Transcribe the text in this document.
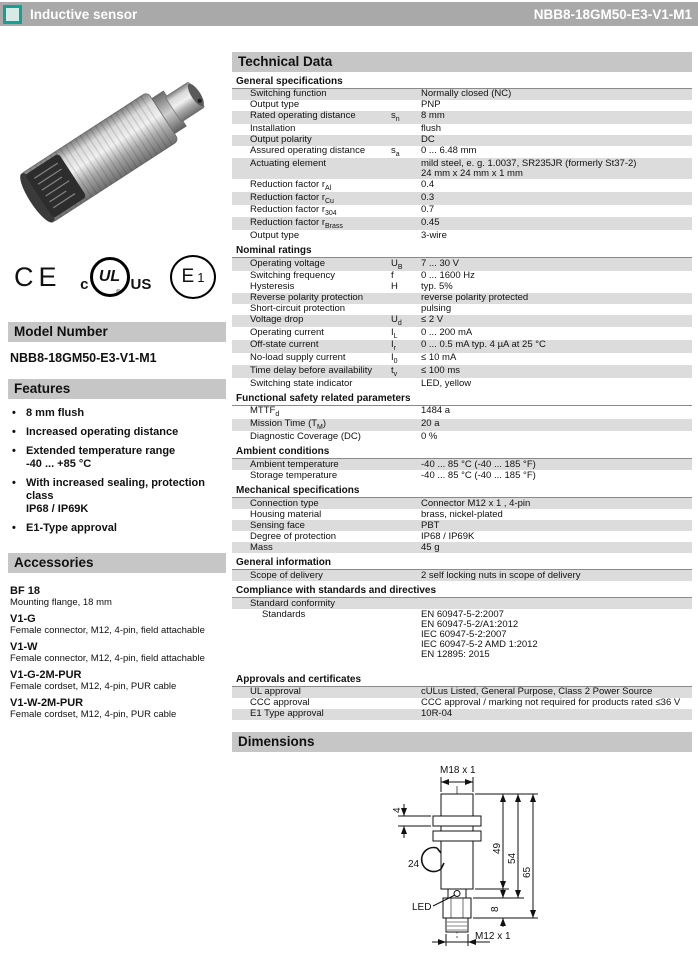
Inductive sensor	NBB8-18GM50-E3-V1-M1
CE c UL
® US E 1
Model Number
NBB8-18GM50-E3-V1-M1
Features
• 8 mm flush
• Increased operating distance
• Extended temperature range
-40 ... +85 °C
• With increased sealing, protection
class
IP68 / IP69K
• E1-Type approval
Accessories
BF 18
Mounting flange, 18 mm
V1-G
Female connector, M12, 4-pin, field attachable
V1-W
Female connector, M12, 4-pin, field attachable
V1-G-2M-PUR
Female cordset, M12, 4-pin, PUR cable
V1-W-2M-PUR
Female cordset, M12, 4-pin, PUR cable
Technical Data
General specifications
Switching function	Normally closed (NC)
Output type	PNP
Rated operating distance	$s_n$	8 mm
Installation	flush
Output polarity	DC
Assured operating distance	$s_a$	0 ... 6.48 mm
Actuating element	mild steel, e. g. 1.0037, SR235JR (formerly St37-2)
24 mm x 24 mm x 1 mm
Reduction factor $r_{Al}$	0.4
Reduction factor $r_{Cu}$	0.3
Reduction factor $r_{304}$	0.7
Reduction factor $r_{Brass}$	0.45
Output type	3-wire
Nominal ratings
Operating voltage	$U_B$	7 ... 30 V
Switching frequency	f	0 ... 1600 Hz
Hysteresis	H	typ. 5%
Reverse polarity protection	reverse polarity protected
Short-circuit protection	pulsing
Voltage drop	$U_d$	≤ 2 V
Operating current	$I_L$	0 ... 200 mA
Off-state current	$I_r$	0 ... 0.5 mA typ. 4 µA at 25 °C
No-load supply current	$I_0$	≤ 10 mA
Time delay before availability	$t_v$	≤ 100 ms
Switching state indicator	LED, yellow
Functional safety related parameters
$MTTF_d$	1484 a
Mission Time $(T_M)$	20 a
Diagnostic Coverage (DC)	0 %
Ambient conditions
Ambient temperature	-40 ... 85 °C (-40 ... 185 °F)
Storage temperature	-40 ... 85 °C (-40 ... 185 °F)
Mechanical specifications
Connection type	Connector M12 x 1 , 4-pin
Housing material	brass, nickel-plated
Sensing face	PBT
Degree of protection	IP68 / IP69K
Mass	45 g
General information
Scope of delivery	2 self locking nuts in scope of delivery
Compliance with standards and directives
Standard conformity

Standards	EN 60947-5-2:2007
EN 60947-5-2/A1:2012
IEC 60947-5-2:2007
IEC 60947-5-2 AMD 1:2012
EN 12895: 2015
Approvals and certificates
UL approval	cULus Listed, General Purpose, Class 2 Power Source
CCC approval	CCC approval / marking not required for products rated ≤36 V
E1 Type approval	10R-04
Dimensions
M18 x 1
4
24
49
54
65
8
LED
M12 x 1
